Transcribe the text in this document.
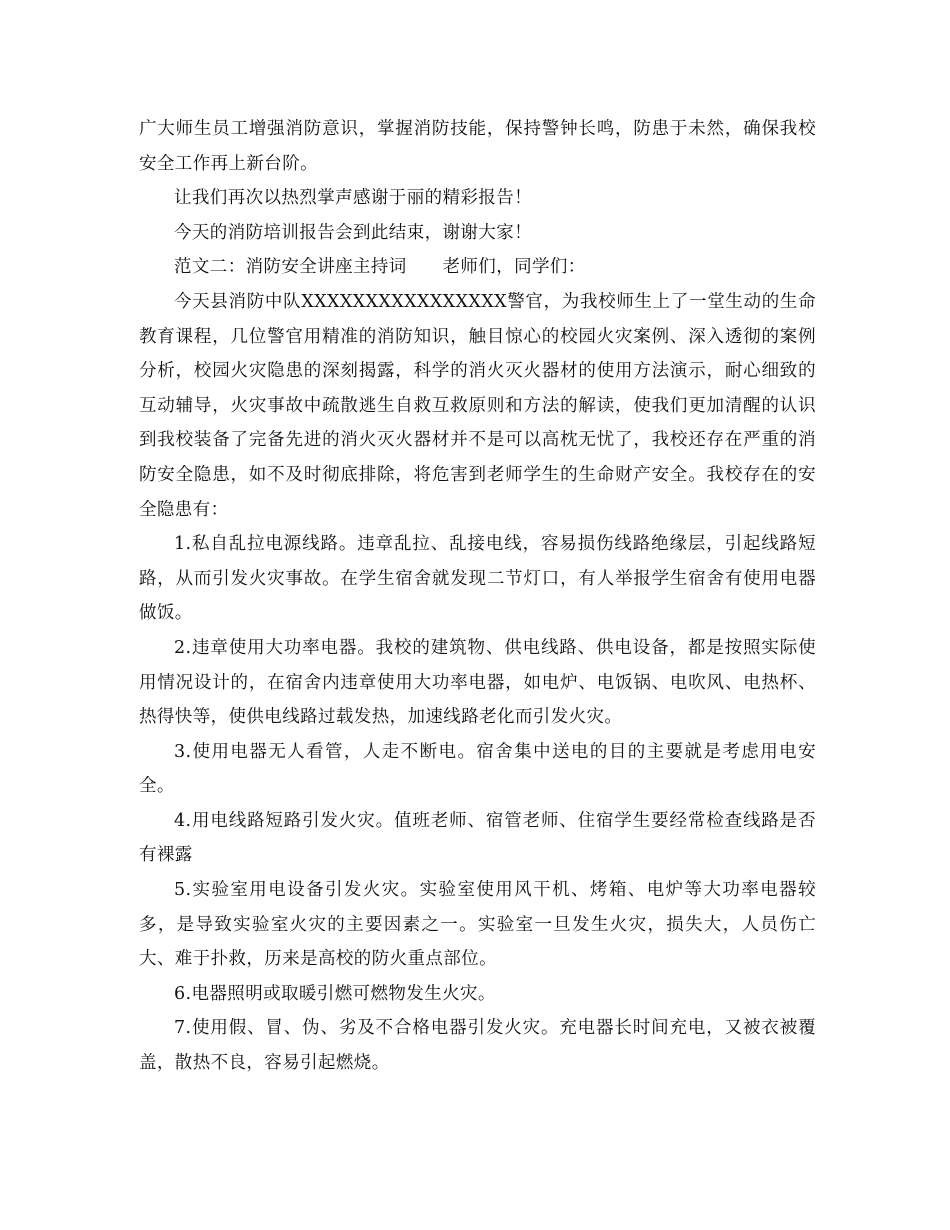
广大师生员工增强消防意识，掌握消防技能，保持警钟长鸣，防患于未然，确保我校安全工作再上新台阶。

让我们再次以热烈掌声感谢于丽的精彩报告！

今天的消防培训报告会到此结束，谢谢大家！

范文二：消防安全讲座主持词　　老师们，同学们：

今天县消防中队XXXXXXXXXXXXXXXX警官，为我校师生上了一堂生动的生命教育课程，几位警官用精准的消防知识，触目惊心的校园火灾案例、深入透彻的案例分析，校园火灾隐患的深刻揭露，科学的消火灭火器材的使用方法演示，耐心细致的互动辅导，火灾事故中疏散逃生自救互救原则和方法的解读，使我们更加清醒的认识到我校装备了完备先进的消火灭火器材并不是可以高枕无忧了，我校还存在严重的消防安全隐患，如不及时彻底排除，将危害到老师学生的生命财产安全。我校存在的安全隐患有：

1.私自乱拉电源线路。违章乱拉、乱接电线，容易损伤线路绝缘层，引起线路短路，从而引发火灾事故。在学生宿舍就发现二节灯口，有人举报学生宿舍有使用电器做饭。

2.违章使用大功率电器。我校的建筑物、供电线路、供电设备，都是按照实际使用情况设计的，在宿舍内违章使用大功率电器，如电炉、电饭锅、电吹风、电热杯、热得快等，使供电线路过载发热，加速线路老化而引发火灾。

3.使用电器无人看管，人走不断电。宿舍集中送电的目的主要就是考虑用电安全。

4.用电线路短路引发火灾。值班老师、宿管老师、住宿学生要经常检查线路是否有裸露

5.实验室用电设备引发火灾。实验室使用风干机、烤箱、电炉等大功率电器较多，是导致实验室火灾的主要因素之一。实验室一旦发生火灾，损失大，人员伤亡大、难于扑救，历来是高校的防火重点部位。

6.电器照明或取暖引燃可燃物发生火灾。

7.使用假、冒、伪、劣及不合格电器引发火灾。充电器长时间充电，又被衣被覆盖，散热不良，容易引起燃烧。
